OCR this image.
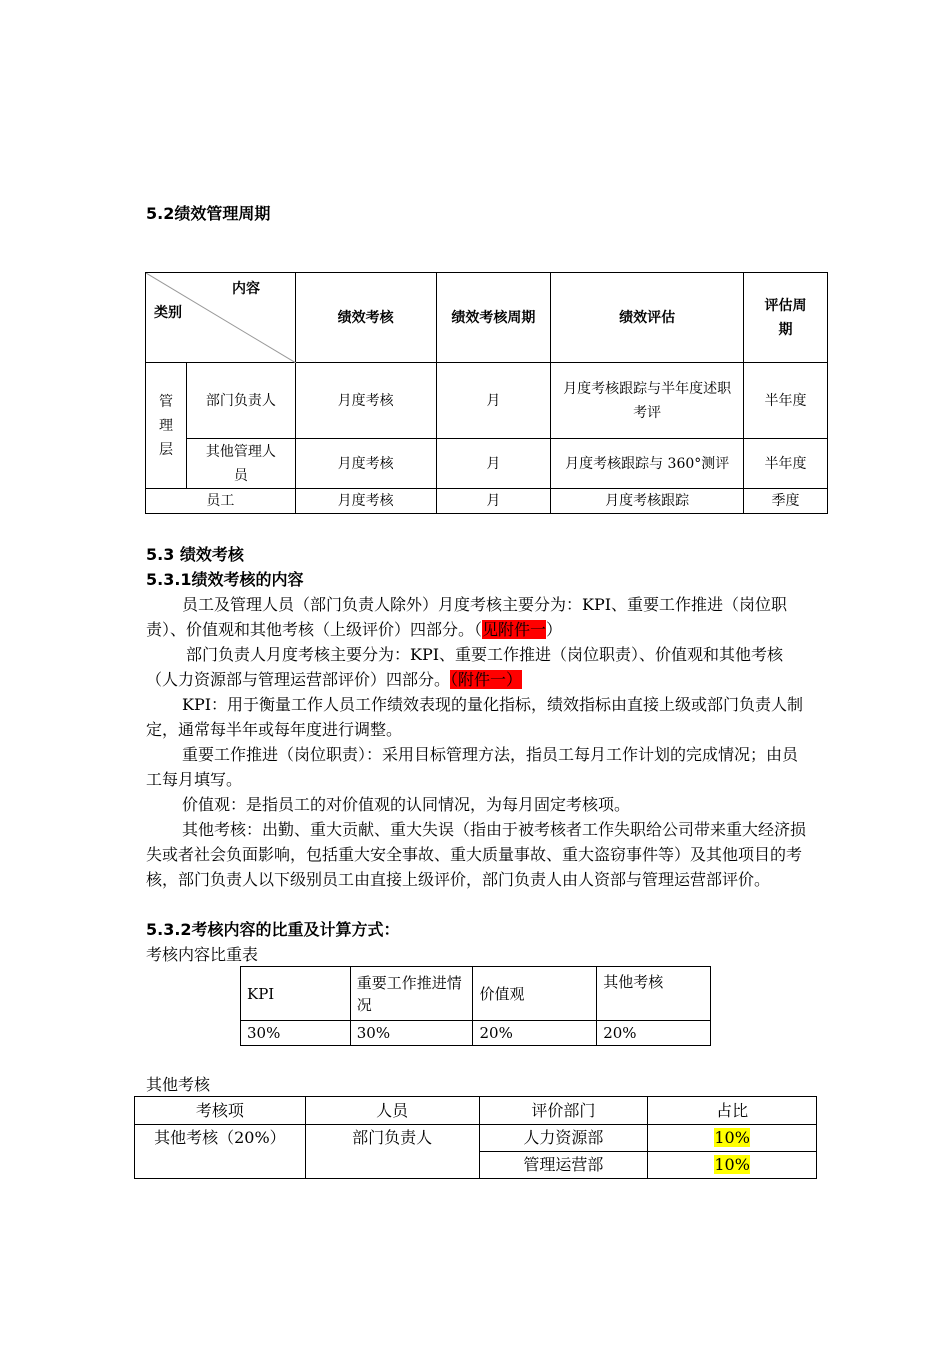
5.2绩效管理周期
内容
类别		绩效考核	绩效考核周期	绩效评估	评估周期
管理层	部门负责人	月度考核	月	月度考核跟踪与半年度述职考评	半年度
	其他管理人员	月度考核	月	月度考核跟踪与 360°测评	半年度
员工		月度考核	月	月度考核跟踪	季度
5.3 绩效考核
5.3.1绩效考核的内容
员工及管理人员（部门负责人除外）月度考核主要分为：KPI、重要工作推进（岗位职责）、价值观和其他考核（上级评价）四部分。（见附件一）
部门负责人月度考核主要分为：KPI、重要工作推进（岗位职责）、价值观和其他考核（人力资源部与管理运营部评价）四部分。（附件一）
KPI：用于衡量工作人员工作绩效表现的量化指标，绩效指标由直接上级或部门负责人制定，通常每半年或每年度进行调整。
重要工作推进（岗位职责）：采用目标管理方法，指员工每月工作计划的完成情况；由员工每月填写。
价值观：是指员工的对价值观的认同情况，为每月固定考核项。
其他考核：出勤、重大贡献、重大失误（指由于被考核者工作失职给公司带来重大经济损失或者社会负面影响，包括重大安全事故、重大质量事故、重大盗窃事件等）及其他项目的考核，部门负责人以下级别员工由直接上级评价，部门负责人由人资部与管理运营部评价。
5.3.2考核内容的比重及计算方式：
考核内容比重表
KPI	重要工作推进情况	价值观	其他考核
30%	30%	20%	20%
其他考核
考核项	人员	评价部门	占比
其他考核（20%）	部门负责人	人力资源部	10%
		管理运营部	10%
